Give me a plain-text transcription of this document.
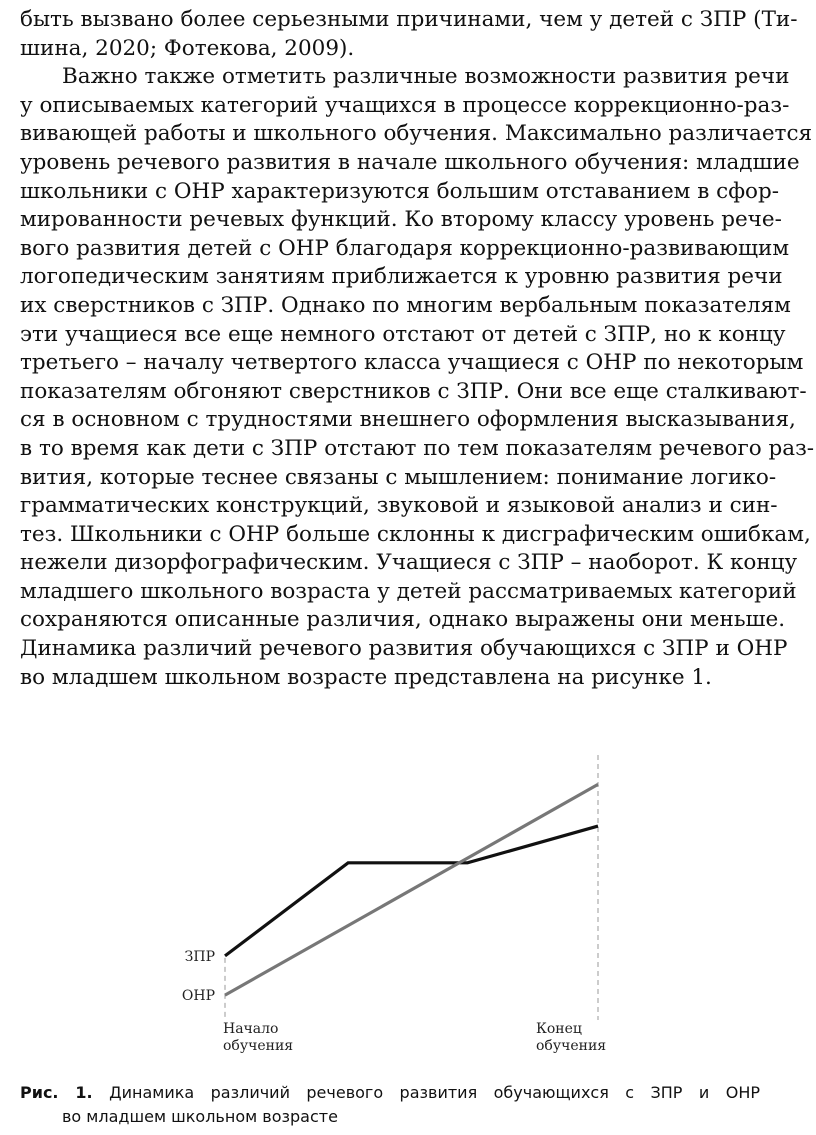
быть вызвано более серьезными причинами, чем у детей с ЗПР (Ти-
шина, 2020; Фотекова, 2009).
Важно также отметить различные возможности развития речи
у описываемых категорий учащихся в процессе коррекционно-раз-
вивающей работы и школьного обучения. Максимально различается
уровень речевого развития в начале школьного обучения: младшие
школьники с ОНР характеризуются большим отставанием в сфор-
мированности речевых функций. Ко второму классу уровень рече-
вого развития детей с ОНР благодаря коррекционно-развивающим
логопедическим занятиям приближается к уровню развития речи
их сверстников с ЗПР. Однако по многим вербальным показателям
эти учащиеся все еще немного отстают от детей с ЗПР, но к концу
третьего – началу четвертого класса учащиеся с ОНР по некоторым
показателям обгоняют сверстников с ЗПР. Они все еще сталкивают-
ся в основном с трудностями внешнего оформления высказывания,
в то время как дети с ЗПР отстают по тем показателям речевого раз-
вития, которые теснее связаны с мышлением: понимание логико-
грамматических конструкций, звуковой и языковой анализ и син-
тез. Школьники с ОНР больше склонны к дисграфическим ошибкам,
нежели дизорфографическим. Учащиеся с ЗПР – наоборот. К концу
младшего школьного возраста у детей рассматриваемых категорий
сохраняются описанные различия, однако выражены они меньше.
Динамика различий речевого развития обучающихся с ЗПР и ОНР
во младшем школьном возрасте представлена на рисунке 1.
ЗПР
ОНР
Начало обучения
Конец обучения
Рис. 1. Динамика различий речевого развития обучающихся с ЗПР и ОНР
во младшем школьном возрасте
